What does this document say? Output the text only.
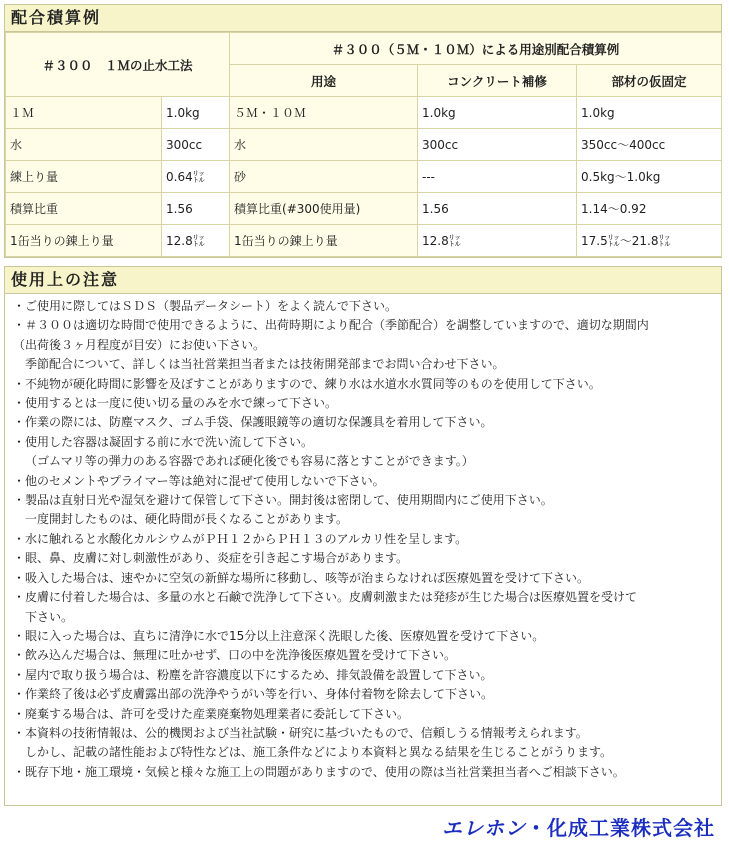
配合積算例
＃３００　１Ｍの止水工法		＃３００（５Ｍ・１０Ｍ）による用途別配合積算例		
		用途	コンクリート補修	部材の仮固定
１Ｍ	1.0kg	５Ｍ・１０Ｍ	1.0kg	1.0kg
水	300cc	水	300cc	350cc～400cc
練上り量	0.64㍑	砂	---	0.5kg～1.0kg
積算比重	1.56	積算比重(#300使用量)	1.56	1.14～0.92
1缶当りの錬上り量	12.8㍑	1缶当りの錬上り量	12.8㍑	17.5㍑～21.8㍑
使用上の注意
・ご使用に際してはＳＤＳ（製品データシート）をよく読んで下さい。
・＃３００は適切な時間で使用できるように、出荷時期により配合（季節配合）を調整していますので、適切な期間内
（出荷後３ヶ月程度が目安）にお使い下さい。
季節配合について、詳しくは当社営業担当者または技術開発部までお問い合わせ下さい。
・不純物が硬化時間に影響を及ぼすことがありますので、練り水は水道水水質同等のものを使用して下さい。
・使用するとは一度に使い切る量のみを水で練って下さい。
・作業の際には、防塵マスク、ゴム手袋、保護眼鏡等の適切な保護具を着用して下さい。
・使用した容器は凝固する前に水で洗い流して下さい。
（ゴムマリ等の弾力のある容器であれば硬化後でも容易に落とすことができます。）
・他のセメントやプライマー等は絶対に混ぜて使用しないで下さい。
・製品は直射日光や湿気を避けて保管して下さい。開封後は密閉して、使用期間内にご使用下さい。
一度開封したものは、硬化時間が長くなることがあります。
・水に触れると水酸化カルシウムがＰＨ１２からＰＨ１３のアルカリ性を呈します。
・眼、鼻、皮膚に対し刺激性があり、炎症を引き起こす場合があります。
・吸入した場合は、速やかに空気の新鮮な場所に移動し、咳等が治まらなければ医療処置を受けて下さい。
・皮膚に付着した場合は、多量の水と石鹸で洗浄して下さい。皮膚刺激または発疹が生じた場合は医療処置を受けて
下さい。
・眼に入った場合は、直ちに清浄に水で15分以上注意深く洗眼した後、医療処置を受けて下さい。
・飲み込んだ場合は、無理に吐かせず、口の中を洗浄後医療処置を受けて下さい。
・屋内で取り扱う場合は、粉塵を許容濃度以下にするため、排気設備を設置して下さい。
・作業終了後は必ず皮膚露出部の洗浄やうがい等を行い、身体付着物を除去して下さい。
・廃棄する場合は、許可を受けた産業廃棄物処理業者に委託して下さい。
・本資料の技術情報は、公的機関および当社試験・研究に基づいたもので、信頼しうる情報考えられます。
しかし、記載の諸性能および特性などは、施工条件などにより本資料と異なる結果を生じることがうります。
・既存下地・施工環境・気候と様々な施工上の問題がありますので、使用の際は当社営業担当者へご相談下さい。
エレホン・化成工業株式会社
